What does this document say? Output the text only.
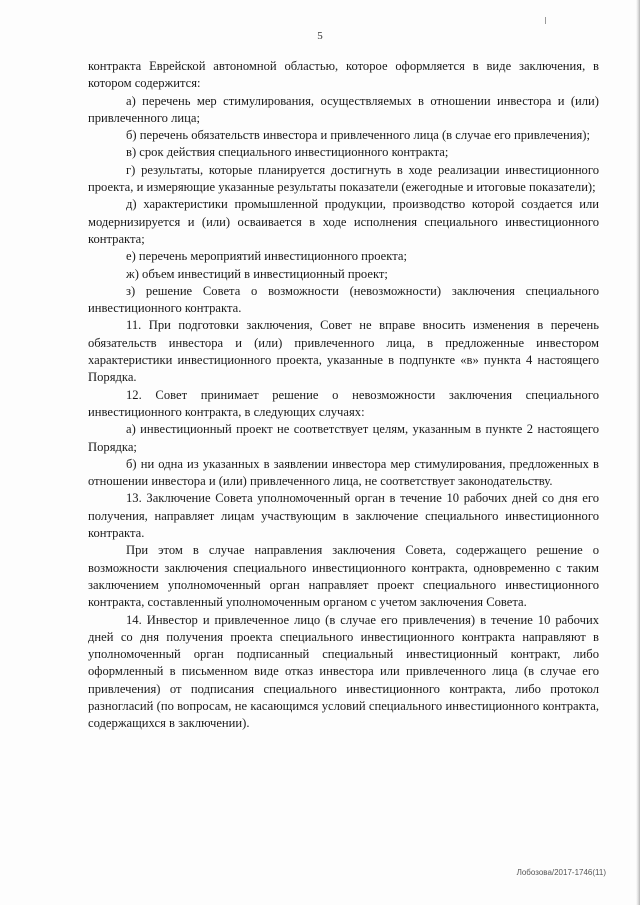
5

контракта Еврейской автономной областью, которое оформляется в виде заключения, в котором содержится:

а) перечень мер стимулирования, осуществляемых в отношении инвестора и (или) привлеченного лица;

б) перечень обязательств инвестора и привлеченного лица (в случае его привлечения);

в) срок действия специального инвестиционного контракта;

г) результаты, которые планируется достигнуть в ходе реализации инвестиционного проекта, и измеряющие указанные результаты показатели (ежегодные и итоговые показатели);

д) характеристики промышленной продукции, производство которой создается или модернизируется и (или) осваивается в ходе исполнения специального инвестиционного контракта;

е) перечень мероприятий инвестиционного проекта;

ж) объем инвестиций в инвестиционный проект;

з) решение Совета о возможности (невозможности) заключения специального инвестиционного контракта.

11. При подготовки заключения, Совет не вправе вносить изменения в перечень обязательств инвестора и (или) привлеченного лица, в предложенные инвестором характеристики инвестиционного проекта, указанные в подпункте «в» пункта 4 настоящего Порядка.

12. Совет принимает решение о невозможности заключения специального инвестиционного контракта, в следующих случаях:

а) инвестиционный проект не соответствует целям, указанным в пункте 2 настоящего Порядка;

б) ни одна из указанных в заявлении инвестора мер стимулирования, предложенных в отношении инвестора и (или) привлеченного лица, не соответствует законодательству.

13. Заключение Совета уполномоченный орган в течение 10 рабочих дней со дня его получения, направляет лицам участвующим в заключение специального инвестиционного контракта.

При этом в случае направления заключения Совета, содержащего решение о возможности заключения специального инвестиционного контракта, одновременно с таким заключением уполномоченный орган направляет проект специального инвестиционного контракта, составленный уполномоченным органом с учетом заключения Совета.

14. Инвестор и привлеченное лицо (в случае его привлечения) в течение 10 рабочих дней со дня получения проекта специального инвестиционного контракта направляют в уполномоченный орган подписанный специальный инвестиционный контракт, либо оформленный в письменном виде отказ инвестора или привлеченного лица (в случае его привлечения) от подписания специального инвестиционного контракта, либо протокол разногласий (по вопросам, не касающимся условий специального инвестиционного контракта, содержащихся в заключении).

Лобозова/2017-1746(11)
